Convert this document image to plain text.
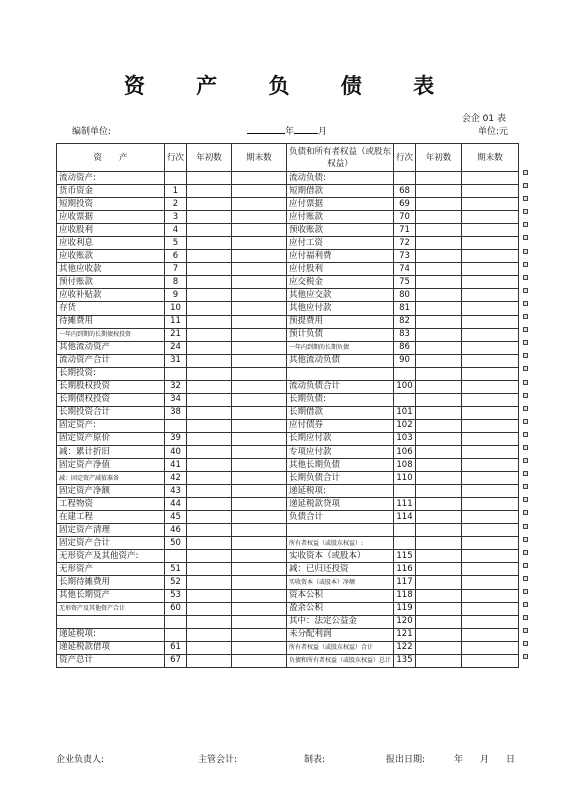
资 产 负 债 表
会企 01 表
编制单位:	年	月	单位:元
资　　产	行次	年初数	期末数	负债和所有者权益（或股东权益）	行次	年初数	期末数
流动资产:				流动负债:			
货币资金	1			短期借款	68		
短期投资	2			应付票据	69		
应收票据	3			应付账款	70		
应收股利	4			预收账款	71		
应收利息	5			应付工资	72		
应收账款	6			应付福利费	73		
其他应收款	7			应付股利	74		
预付账款	8			应交税金	75		
应收补贴款	9			其他应交款	80		
存货	10			其他应付款	81		
待摊费用	11			预提费用	82		
一年内到期的长期债权投资	21			预计负债	83		
其他流动资产	24			一年内到期的长期负债	86		
流动资产合计	31			其他流动负债	90		
长期投资:							
长期股权投资	32			流动负债合计	100		
长期债权投资	34			长期负债:			
长期投资合计	38			长期借款	101		
固定资产:				应付债券	102		
固定资产原价	39			长期应付款	103		
减：累计折旧	40			专项应付款	106		
固定资产净值	41			其他长期负债	108		
减：固定资产减值准备	42			长期负债合计	110		
固定资产净额	43			递延税项:			
工程物资	44			递延税款贷项	111		
在建工程	45			负债合计	114		
固定资产清理	46						
固定资产合计	50			所有者权益（或股东权益）:			
无形资产及其他资产:				实收资本（或股本）	115		
无形资产	51			减：已归还投资	116		
长期待摊费用	52			实收资本（或股本）净额	117		
其他长期资产	53			资本公积	118		
无形资产及其他资产合计	60			盈余公积	119		
				其中：法定公益金	120		
递延税项:				未分配利润	121		
递延税款借项	61			所有者权益（或股东权益）合计	122		
资产总计	67			负债和所有者权益（或股东权益）总计	135		
企业负责人:	主管会计:	制表:	报出日期:	年 月 日
